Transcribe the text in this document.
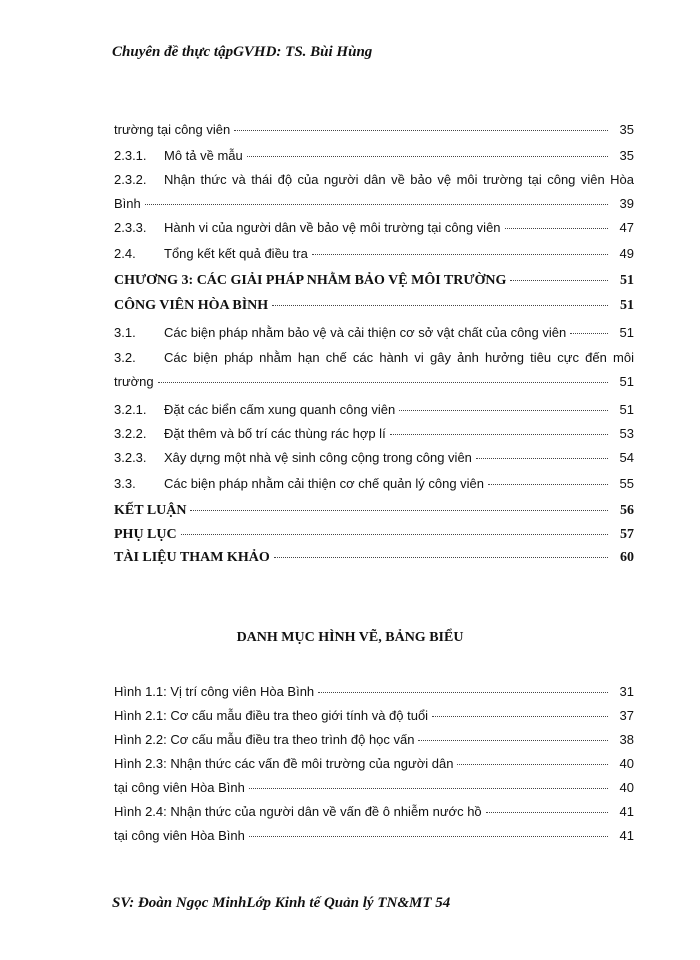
Chuyên đề thực tậpGVHD: TS. Bùi Hùng
trường tại công viên	35
2.3.1.	Mô tả về mẫu	35
2.3.2.	Nhận thức và thái độ của người dân về bảo vệ môi trường tại công viên Hòa
Bình	39
2.3.3.	Hành vi của người dân về bảo vệ môi trường tại công viên	47
2.4.	Tổng kết kết quả điều tra	49
CHƯƠNG 3: CÁC GIẢI PHÁP NHẰM BẢO VỆ MÔI TRƯỜNG	51
CÔNG VIÊN HÒA BÌNH	51
3.1.	Các biện pháp nhằm bảo vệ và cải thiện cơ sở vật chất của công viên	51
3.2.	Các biện pháp nhằm hạn chế các hành vi gây ảnh hưởng tiêu cực đến môi
trường	51
3.2.1.	Đặt các biển cấm xung quanh công viên	51
3.2.2.	Đặt thêm và bố trí các thùng rác hợp lí	53
3.2.3.	Xây dựng một nhà vệ sinh công cộng trong công viên	54
3.3.	Các biện pháp nhằm cải thiện cơ chế quản lý công viên	55
KẾT LUẬN	56
PHỤ LỤC	57
TÀI LIỆU THAM KHẢO	60
Hình 1.1: Vị trí công viên Hòa Bình	31
Hình 2.1: Cơ cấu mẫu điều tra theo giới tính và độ tuổi	37
Hình 2.2: Cơ cấu mẫu điều tra theo trình độ học vấn	38
Hình 2.3: Nhận thức các vấn đề môi trường của người dân	40
tại công viên Hòa Bình	40
Hình 2.4: Nhận thức của người dân về vấn đề ô nhiễm nước hồ	41
tại công viên Hòa Bình	41
DANH MỤC HÌNH VẼ, BẢNG BIỂU
SV: Đoàn Ngọc MinhLớp Kinh tế Quản lý TN&MT 54
